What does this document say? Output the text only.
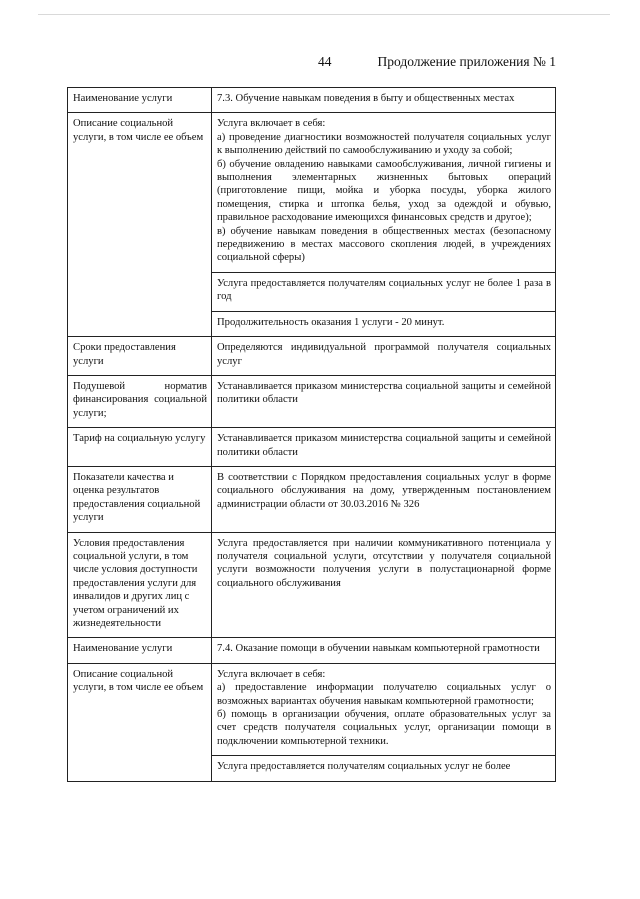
44	Продолжение приложения № 1
Наименование услуги	7.3. Обучение навыкам поведения в быту и общественных местах
Описание социальной услуги, в том числе ее объем	Услуга включает в себя:
а) проведение диагностики возможностей получателя социальных услуг к выполнению действий по самообслуживанию и уходу за собой;
б) обучение овладению навыками самообслуживания, личной гигиены и выполнения элементарных жизненных бытовых операций (приготовление пищи, мойка и уборка посуды, уборка жилого помещения, стирка и штопка белья, уход за одеждой и обувью, правильное расходование имеющихся финансовых средств и другое);
в) обучение навыкам поведения в общественных местах (безопасному передвижению в местах массового скопления людей, в учреждениях социальной сферы)

	Услуга предоставляется получателям социальных услуг не более 1 раза в год
	Продолжительность оказания 1 услуги - 20 минут.
Сроки предоставления услуги	Определяются индивидуальной программой получателя социальных услуг

Подушевой норматив финансирования социальной услуги;	Устанавливается приказом министерства социальной защиты и семейной политики области
Тариф на социальную услугу	Устанавливается приказом министерства социальной защиты и семейной политики области
Показатели качества и оценка результатов предоставления социальной услуги	В соответствии с Порядком предоставления социальных услуг в форме социального обслуживания на дому, утвержденным постановлением администрации области от 30.03.2016 № 326
Условия предоставления социальной услуги, в том числе условия доступности предоставления услуги для инвалидов и других лиц с учетом ограничений их жизнедеятельности	Услуга предоставляется при наличии коммуникативного потенциала у получателя социальной услуги, отсутствии у получателя социальной услуги возможности получения услуги в полустационарной форме социального обслуживания
Наименование услуги	7.4. Оказание помощи в обучении навыкам компьютерной грамотности
Описание социальной услуги, в том числе ее объем	Услуга включает в себя:
а) предоставление информации получателю социальных услуг о возможных вариантах обучения навыкам компьютерной грамотности;
б) помощь в организации обучения, оплате образовательных услуг за счет средств получателя социальных услуг, организации помощи в подключении компьютерной техники.

	Услуга предоставляется получателям социальных услуг не более
